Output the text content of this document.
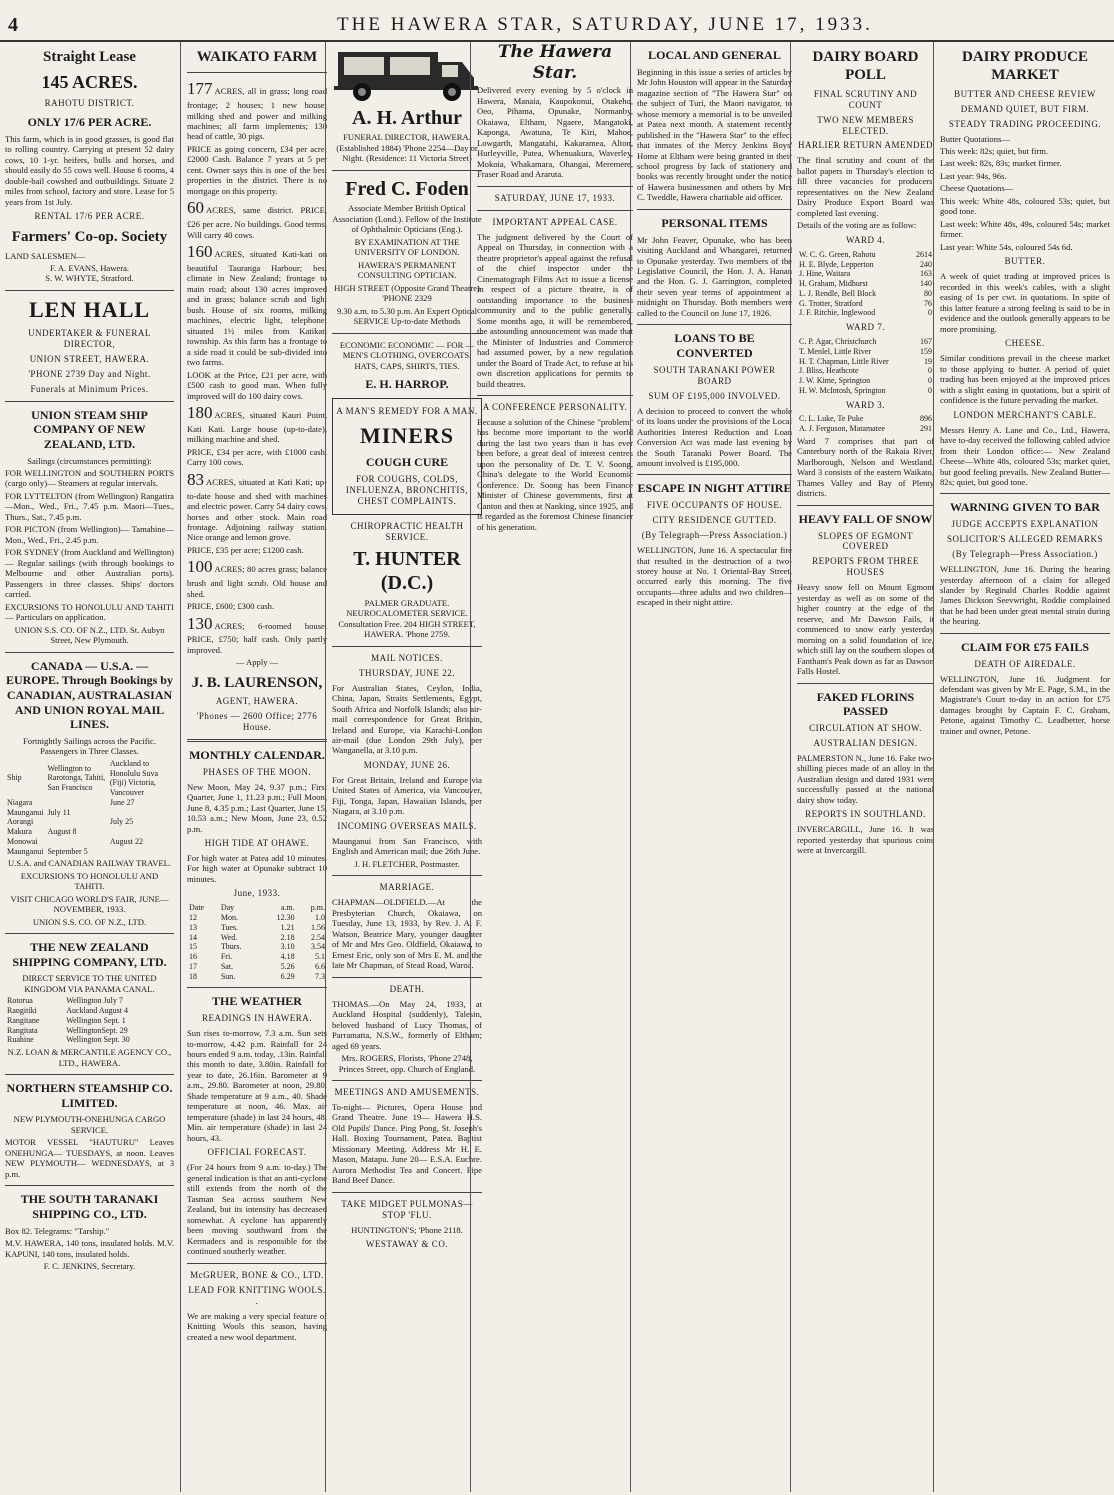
4	THE HAWERA STAR, SATURDAY, JUNE 17, 1933.
Straight Lease
145 ACRES.
RAHOTU DISTRICT.
ONLY 17/6 PER ACRE.

This farm, which is in good grasses, is good flat to rolling country. Carrying at present 52 dairy cows, 10 1-yr. heifers, bulls and horses, and should easily do 55 cows well. House 6 rooms, 4 double-bail cowshed and outbuildings. Situate 2 miles from school, factory and store. Lease for 5 years from 1st July.

RENTAL 17/6 PER ACRE.
Farmers' Co-op. Society

LAND SALESMEN—

F. A. EVANS, Hawera.
S. W. WHYTE, Stratford.
LEN HALL
UNDERTAKER & FUNERAL DIRECTOR,
UNION STREET, HAWERA.
'PHONE 2739 Day and Night.
Funerals at Minimum Prices.
UNION STEAM SHIP COMPANY OF NEW ZEALAND, LTD.

Sailings (circumstances permitting):

FOR WELLINGTON and SOUTHERN PORTS (cargo only)— Steamers at regular intervals.

FOR LYTTELTON (from Wellington) Rangatira—Mon., Wed., Fri., 7.45 p.m. Maori—Tues., Thurs., Sat., 7.45 p.m.

FOR PICTON (from Wellington)— Tamahine—Mon., Wed., Fri., 2.45 p.m.

FOR SYDNEY (from Auckland and Wellington)— Regular sailings (with through bookings to Melbourne and other Australian ports). Passengers in three classes. Ships' doctors carried.

EXCURSIONS TO HONOLULU AND TAHITI— Particulars on application.

UNION S.S. CO. OF N.Z., LTD. St. Aubyn Street, New Plymouth.

CANADA — U.S.A. — EUROPE. Through Bookings by CANADIAN, AUSTRALASIAN AND UNION ROYAL MAIL LINES.

Fortnightly Sailings across the Pacific. Passengers in Three Classes.

Ship	Wellington to Rarotonga, Tahiti, San Francisco	Auckland to Honolulu Suva (Fiji) Victoria, Vancouver
Niagara		June 27
Maunganui	July 11	
Aorangi		July 25
Makura	August 8	
Monowai		August 22
Maunganui	September 5	

U.S.A. and CANADIAN RAILWAY TRAVEL.

EXCURSIONS TO HONOLULU AND TAHITI.

VISIT CHICAGO WORLD'S FAIR, JUNE—NOVEMBER, 1933.

UNION S.S. CO. OF N.Z., LTD.

THE NEW ZEALAND SHIPPING COMPANY, LTD.

DIRECT SERVICE TO THE UNITED KINGDOM VIA PANAMA CANAL.

Rotorua	Wellington July 7
Rangitiki	Auckland August 4
Rangitane	Wellington Sept. 1
Rangitata	WellingtonSept. 29
Ruahine	Wellington Sept. 30

N.Z. LOAN & MERCANTILE AGENCY CO., LTD., HAWERA.

NORTHERN STEAMSHIP CO. LIMITED.

NEW PLYMOUTH-ONEHUNGA CARGO SERVICE.

MOTOR VESSEL "HAUTURU" Leaves ONEHUNGA— TUESDAYS, at noon. Leaves NEW PLYMOUTH— WEDNESDAYS, at 3 p.m.

THE SOUTH TARANAKI SHIPPING CO., LTD.

Box 82. Telegrams: "Tarship."

M.V. HAWERA, 140 tons, insulated holds. M.V. KAPUNI, 140 tons, insulated holds.

F. C. JENKINS, Secretary.

WAIKATO FARM

177 ACRES, all in grass; long road frontage; 2 houses; 1 new house; milking shed and power and milking machines; all farm implements; 130 head of cattle, 30 pigs.

PRICE as going concern, £34 per acre; £2000 Cash. Balance 7 years at 5 per cent. Owner says this is one of the best properties in the district. There is no mortgage on this property.

60 ACRES, same district. PRICE, £26 per acre. No buildings. Good terms. Will carry 40 cows.

160 ACRES, situated Kati-kati on beautiful Tauranga Harbour; best climate in New Zealand; frontage to main road; about 130 acres improved and in grass; balance scrub and light bush. House of six rooms, milking machines, electric light, telephone; situated 1½ miles from Katikati township. As this farm has a frontage to a side road it could be sub-divided into two farms.

LOOK at the Price, £21 per acre, with £500 cash to good man. When fully improved will do 100 dairy cows.

180 ACRES, situated Kauri Point, Kati Kati. Large house (up-to-date), milking machine and shed.

PRICE, £34 per acre, with £1000 cash. Carry 100 cows.

83 ACRES, situated at Kati Kati; up-to-date house and shed with machines and electric power. Carry 54 dairy cows, horses and other stock. Main road frontage. Adjoining railway station. Nice orange and lemon grove.

PRICE, £35 per acre; £1200 cash.

100 ACRES; 80 acres grass; balance brush and light scrub. Old house and shed.

PRICE, £600; £300 cash.

130 ACRES; 6-roomed house. PRICE, £750; half cash. Only partly improved.

— Apply —
J. B. LAURENSON,
AGENT, HAWERA.
'Phones — 2600 Office; 2776 House.
MONTHLY CALENDAR.
PHASES OF THE MOON.

New Moon, May 24, 9.37 p.m.; First Quarter, June 1, 11.23 p.m.; Full Moon, June 8, 4.35 p.m.; Last Quarter, June 15, 10.53 a.m.; New Moon, June 23, 0.52 p.m.

HIGH TIDE AT OHAWE.

For high water at Patea add 10 minutes. For high water at Opunake subtract 10 minutes.

June, 1933.
Date	Day	a.m.	p.m.
12	Mon.	12.30	1.0
13	Tues.	1.21	1.56
14	Wed.	2.18	2.54
15	Thurs.	3.10	3.54
16	Fri.	4.18	5.1
17	Sat.	5.26	6.6
18	Sun.	6.29	7.3
THE WEATHER
READINGS IN HAWERA.

Sun rises to-morrow, 7.3 a.m. Sun sets to-morrow, 4.42 p.m. Rainfall for 24 hours ended 9 a.m. today, .13in. Rainfall this month to date, 3.80in. Rainfall for year to date, 26.16in. Barometer at 9 a.m., 29.80. Barometer at noon, 29.80. Shade temperature at 9 a.m., 40. Shade temperature at noon, 46. Max. air temperature (shade) in last 24 hours, 48. Min. air temperature (shade) in last 24 hours, 43.

OFFICIAL FORECAST.

(For 24 hours from 9 a.m. to-day.) The general indication is that an anti-cyclone still extends from the north of the Tasman Sea across southern New Zealand, but its intensity has decreased somewhat. A cyclone has apparently been moving southward from the Kermadecs and is responsible for the continued southerly weather.

McGRUER, BONE & CO., LTD.
LEAD FOR KNITTING WOOLS. .

We are making a very special feature of Knitting Wools this season, having created a new wool department.

A. H. Arthur

FUNERAL DIRECTOR, HAWERA. (Established 1884) 'Phone 2254—Day or Night. (Residence: 11 Victoria Street)

Fred C. Foden

Associate Member British Optical Association (Lond.). Fellow of the Institute of Ophthalmic Opticians (Eng.).

BY EXAMINATION AT THE UNIVERSITY OF LONDON.

HAWERA'S PERMANENT CONSULTING OPTICIAN.

HIGH STREET (Opposite Grand Theatre) 'PHONE 2329

9.30 a.m. to 5.30 p.m. An Expert Optical SERVICE Up-to-date Methods

ECONOMIC ECONOMIC — FOR — MEN'S CLOTHING, OVERCOATS, HATS, CAPS, SHIRTS, TIES.

E. H. HARROP.
A MAN'S REMEDY FOR A MAN.
MINERS
COUGH CURE
FOR COUGHS, COLDS, INFLUENZA, BRONCHITIS, CHEST COMPLAINTS.
CHIROPRACTIC HEALTH SERVICE.
T. HUNTER (D.C.)

PALMER GRADUATE. NEUROCALOMETER SERVICE. Consultation Free. 204 HIGH STREET, HAWERA. 'Phone 2759.

MAIL NOTICES.
THURSDAY, JUNE 22.

For Australian States, Ceylon, India, China, Japan, Straits Settlements, Egypt, South Africa and Norfolk Islands; also air-mail correspondence for Great Britain, Ireland and Europe, via Karachi-London air-mail (due London 29th July), per Wanganella, at 3.10 p.m.

MONDAY, JUNE 26.

For Great Britain, Ireland and Europe via United States of America, via Vancouver, Fiji, Tonga, Japan, Hawaiian Islands, per Niagara, at 3.10 p.m.

INCOMING OVERSEAS MAILS.

Maunganui from San Francisco, with English and American mail; due 26th June.

J. H. FLETCHER, Postmaster.

MARRIAGE.

CHAPMAN—OLDFIELD.—At the Presbyterian Church, Okaiawa, on Tuesday, June 13, 1933, by Rev. J. A. F. Watson, Beatrice Mary, younger daughter of Mr and Mrs Geo. Oldfield, Okaiawa, to Ernest Eric, only son of Mrs E. M. and the late Mr Chapman, of Stead Road, Waroa.

DEATH.

THOMAS.—On May 24, 1933, at Auckland Hospital (suddenly), Talesin, beloved husband of Lucy Thomas, of Parramatta, N.S.W., formerly of Eltham; aged 69 years.

Mrs. ROGERS, Florists, 'Phone 2748, Princes Street, opp. Church of England.

MEETINGS AND AMUSEMENTS.

To-night— Pictures, Opera House and Grand Theatre. June 19— Hawera H.S. Old Pupils' Dance. Ping Pong, St. Joseph's Hall. Boxing Tournament, Patea. Baptist Missionary Meeting. Address Mr H. E. Mason, Matapu. June 20— E.S.A. Euchre. Aurora Methodist Tea and Concert. Pipe Band Beef Dance.

TAKE MIDGET PULMONAS—STOP 'FLU.

HUNTINGTON'S; 'Phone 2118.

WESTAWAY & CO.
The Hawera Star.

Delivered every evening by 5 o'clock in Hawera, Manaia, Kaupokonui, Otakeho, Oeo, Pihama, Opunake, Normanby, Okaiawa, Eltham, Ngaere, Mangatoki, Kaponga, Awatuna, Te Kiri, Mahoe, Lowgarth, Mangatahi, Kakaramea, Alton, Hurleyville, Patea, Whenuakura, Waverley, Mokoia, Whakamara, Ohangai, Meremere, Fraser Road and Araruta.

SATURDAY, JUNE 17, 1933.
IMPORTANT APPEAL CASE.

The judgment delivered by the Court of Appeal on Thursday, in connection with a theatre proprietor's appeal against the refusal of the chief inspector under the Cinematograph Films Act to issue a license in respect of a picture theatre, is of outstanding importance to the business community and to the public generally. Some months ago, it will be remembered, the astounding announcement was made that the Minister of Industries and Commerce had assumed power, by a new regulation under the Board of Trade Act, to refuse at his own discretion applications for permits to build theatres.

A CONFERENCE PERSONALITY.

Because a solution of the Chinese "problem" has become more important to the world during the last two years than it has ever been before, a great deal of interest centres upon the personality of Dr. T. V. Soong, China's delegate to the World Economic Conference. Dr. Soong has been Finance Minister of Chinese governments, first at Canton and then at Nanking, since 1925, and is regarded as the foremost Chinese financier of his generation.

LOCAL AND GENERAL

Beginning in this issue a series of articles by Mr John Houston will appear in the Saturday magazine section of "The Hawera Star" on the subject of Turi, the Maori navigator, to whose memory a memorial is to be unveiled at Patea next month. A statement recently published in the "Hawera Star" to the effect that inmates of the Mercy Jenkins Boys' Home at Eltham were being granted in their school progress by lack of stationery and books was recently brought under the notice of Hawera businessmen and others by Mrs C. Tweddle, Hawera charitable aid officer.

PERSONAL ITEMS

Mr John Feaver, Opunake, who has been visiting Auckland and Whangarei, returned to Opunake yesterday. Two members of the Legislative Council, the Hon. J. A. Hanan and the Hon. G. J. Garrington, completed their seven year terms of appointment at midnight on Thursday. Both members were called to the Council on June 17, 1926.

LOANS TO BE CONVERTED
SOUTH TARANAKI POWER BOARD
SUM OF £195,000 INVOLVED.

A decision to proceed to convert the whole of its loans under the provisions of the Local Authorities Interest Reduction and Loan Conversion Act was made last evening by the South Taranaki Power Board. The amount involved is £195,000.

ESCAPE IN NIGHT ATTIRE
FIVE OCCUPANTS OF HOUSE.
CITY RESIDENCE GUTTED.
(By Telegraph—Press Association.)

WELLINGTON, June 16. A spectacular fire that resulted in the destruction of a two-storey house at No. 1 Oriental-Bay Street, occurred early this morning. The five occupants—three adults and two children—escaped in their night attire.

DAIRY BOARD POLL
FINAL SCRUTINY AND COUNT
TWO NEW MEMBERS ELECTED.
HARLIER RETURN AMENDED

The final scrutiny and count of the ballot papers in Thursday's election to fill three vacancies for producers' representatives on the New Zealand Dairy Produce Export Board was completed last evening.

Details of the voting are as follow:

WARD 4.
W. C. G. Green, Rahotu	2614
H. E. Blyde, Lepperton	240
J. Hine, Waitara	163
H. Graham, Midhurst	140
L. J. Rendle, Bell Block	80
G. Trotter, Stratford	76
J. F. Ritchie, Inglewood	0
WARD 7.
C. P. Agar, Christchurch	167
T. Menlel, Little River	159
H. T. Chapman, Little River	19
J. Bliss, Heathcote	0
J. W. Kime, Springton	0
H. W. McIntosh, Springton	0
WARD 3.
C. L. Luke, Te Puke	896
A. J. Ferguson, Matamatee	291

Ward 7 comprises that part of Canterbury north of the Rakaia River, Marlborough, Nelson and Westland. Ward 3 consists of the eastern Waikato, Thames Valley and Bay of Plenty districts.

HEAVY FALL OF SNOW
SLOPES OF EGMONT COVERED
REPORTS FROM THREE HOUSES

Heavy snow fell on Mount Egmont yesterday as well as on some of the higher country at the edge of the reserve, and Mr Dawson Fails, it commenced to snow early yesterday morning on a solid foundation of ice, which still lay on the southern slopes of Fantham's Peak down as far as Dawson Falls Hostel.

FAKED FLORINS PASSED
CIRCULATION AT SHOW.
AUSTRALIAN DESIGN.

PALMERSTON N., June 16. Fake two-shilling pieces made of an alloy in the Australian design and dated 1931 were successfully passed at the national dairy show today.

REPORTS IN SOUTHLAND.

INVERCARGILL, June 16. It was reported yesterday that spurious coins were at Invercargill.

DAIRY PRODUCE MARKET
BUTTER AND CHEESE REVIEW
DEMAND QUIET, BUT FIRM.
STEADY TRADING PROCEEDING.

Butter Quotations—

This week: 82s; quiet, but firm.

Last week: 82s, 83s; market firmer.

Last year: 94s, 96s.

Cheese Quotations—

This week: White 48s, coloured 53s; quiet, but good tone.

Last week: White 48s, 49s, coloured 54s; market firmer.

Last year: White 54s, coloured 54s 6d.

BUTTER.

A week of quiet trading at improved prices is recorded in this week's cables, with a slight easing of 1s per cwt. in quotations. In spite of this latter feature a strong feeling is said to be in evidence and the outlook generally appears to be more promising.

CHEESE.

Similar conditions prevail in the cheese market to those applying to butter. A period of quiet trading has been enjoyed at the improved prices with a slight easing in quotations, but a spirit of confidence is the future pervading the market.

LONDON MERCHANT'S CABLE.

Messrs Henry A. Lane and Co., Ltd., Hawera, have to-day received the following cabled advice from their London office:— New Zealand Cheese—White 48s, coloured 53s; market quiet, but good feeling prevails. New Zealand Butter—82s; quiet, but good tone.

WARNING GIVEN TO BAR
JUDGE ACCEPTS EXPLANATION
SOLICITOR'S ALLEGED REMARKS
(By Telegraph—Press Association.)

WELLINGTON, June 16. During the hearing yesterday afternoon of a claim for alleged slander by Reginald Charles Roddie against James Dickson Seevwright, Roddie complained that he had been under great mental strain during the hearing.

CLAIM FOR £75 FAILS
DEATH OF AIREDALE.

WELLINGTON, June 16. Judgment for defendant was given by Mr E. Page, S.M., in the Magistrate's Court to-day in an action for £75 damages brought by Captain F. C. Graham, Petone, against Timothy C. Leadbetter, horse trainer and owner, Petone.
